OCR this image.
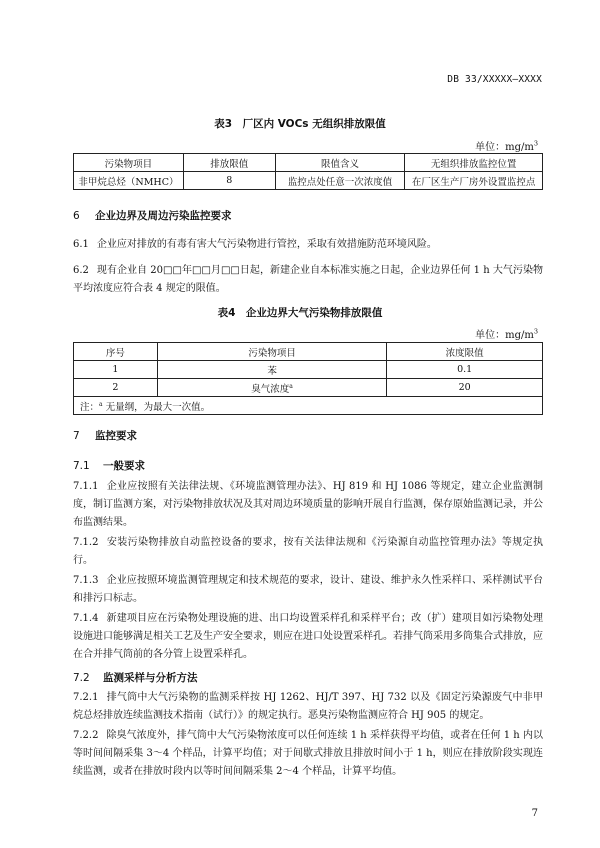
DB 33/XXXXX—XXXX
表3　厂区内 VOCs 无组织排放限值
单位：$mg/m^3$
污染物项目	排放限值	限值含义	无组织排放监控位置
非甲烷总烃（NMHC）	8	监控点处任意一次浓度值	在厂区生产厂房外设置监控点
6 企业边界及周边污染监控要求
6.1 企业应对排放的有毒有害大气污染物进行管控，采取有效措施防范环境风险。
6.2 现有企业自 20□□年□□月□□日起，新建企业自本标准实施之日起，企业边界任何 1 h 大气污染物平均浓度应符合表 4 规定的限值。
表4　企业边界大气污染物排放限值
单位：$mg/m^3$
序号	污染物项目	浓度限值
1	苯	0.1
2	臭气浓度$^a$	20
注：$^a$ 无量纲，为最大一次值。		
7 监控要求
7.1 一般要求
7.1.1 企业应按照有关法律法规、《环境监测管理办法》、HJ 819 和 HJ 1086 等规定，建立企业监测制度，制订监测方案，对污染物排放状况及其对周边环境质量的影响开展自行监测，保存原始监测记录，并公布监测结果。
7.1.2 安装污染物排放自动监控设备的要求，按有关法律法规和《污染源自动监控管理办法》等规定执行。
7.1.3 企业应按照环境监测管理规定和技术规范的要求，设计、建设、维护永久性采样口、采样测试平台和排污口标志。
7.1.4 新建项目应在污染物处理设施的进、出口均设置采样孔和采样平台；改（扩）建项目如污染物处理设施进口能够满足相关工艺及生产安全要求，则应在进口处设置采样孔。若排气筒采用多筒集合式排放，应在合并排气筒前的各分管上设置采样孔。
7.2 监测采样与分析方法
7.2.1 排气筒中大气污染物的监测采样按 HJ 1262、HJ/T 397、HJ 732 以及《固定污染源废气中非甲烷总烃排放连续监测技术指南（试行）》的规定执行。恶臭污染物监测应符合 HJ 905 的规定。
7.2.2 除臭气浓度外，排气筒中大气污染物浓度可以任何连续 1 h 采样获得平均值，或者在任何 1 h 内以等时间间隔采集 3～4 个样品，计算平均值；对于间歇式排放且排放时间小于 1 h，则应在排放阶段实现连续监测，或者在排放时段内以等时间间隔采集 2～4 个样品，计算平均值。
7
